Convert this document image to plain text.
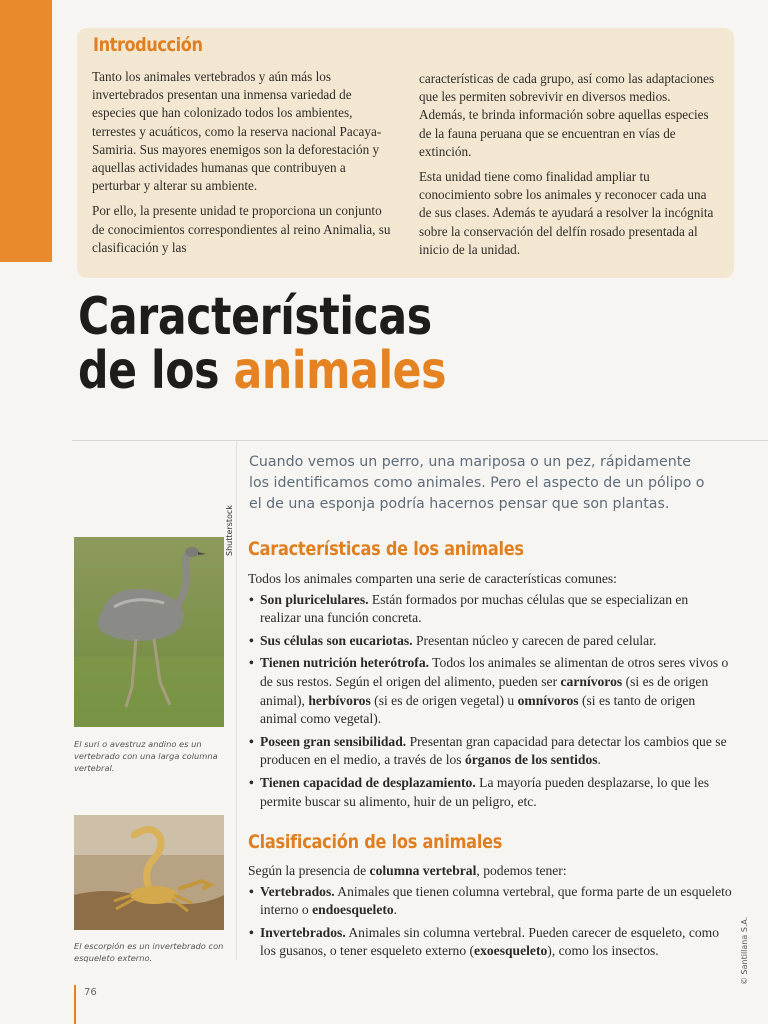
Introducción

Tanto los animales vertebrados y aún más los invertebrados presentan una inmensa variedad de especies que han colonizado todos los ambientes, terrestes y acuáticos, como la reserva nacional Pacaya-Samiria. Sus mayores enemigos son la deforestación y aquellas actividades humanas que contribuyen a perturbar y alterar su ambiente.

Por ello, la presente unidad te proporciona un conjunto de conocimientos correspondientes al reino Animalia, su clasificación y las

características de cada grupo, así como las adaptaciones que les permiten sobrevivir en diversos medios. Además, te brinda información sobre aquellas especies de la fauna peruana que se encuentran en vías de extinción.

Esta unidad tiene como finalidad ampliar tu conocimiento sobre los animales y reconocer cada una de sus clases. Además te ayudará a resolver la incógnita sobre la conservación del delfín rosado presentada al inicio de la unidad.

Características
de los animales

Cuando vemos un perro, una mariposa o un pez, rápidamente los identificamos como animales. Pero el aspecto de un pólipo o el de una esponja podría hacernos pensar que son plantas.

Shutterstock

El suri o avestruz andino es un vertebrado con una larga columna vertebral.

El escorpión es un invertebrado con esqueleto externo.

Características de los animales

Todos los animales comparten una serie de características comunes:

• Son pluricelulares. Están formados por muchas células que se especializan en realizar una función concreta.
• Sus células son eucariotas. Presentan núcleo y carecen de pared celular.
• Tienen nutrición heterótrofa. Todos los animales se alimentan de otros seres vivos o de sus restos. Según el origen del alimento, pueden ser carnívoros (si es de origen animal), herbívoros (si es de origen vegetal) u omnívoros (si es tanto de origen animal como vegetal).
• Poseen gran sensibilidad. Presentan gran capacidad para detectar los cambios que se producen en el medio, a través de los órganos de los sentidos.
• Tienen capacidad de desplazamiento. La mayoría pueden desplazarse, lo que les permite buscar su alimento, huir de un peligro, etc.
Clasificación de los animales

Según la presencia de columna vertebral, podemos tener:

• Vertebrados. Animales que tienen columna vertebral, que forma parte de un esqueleto interno o endoesqueleto.
• Invertebrados. Animales sin columna vertebral. Pueden carecer de esqueleto, como los gusanos, o tener esqueleto externo (exoesqueleto), como los insectos.	© Santillana S.A.
76
